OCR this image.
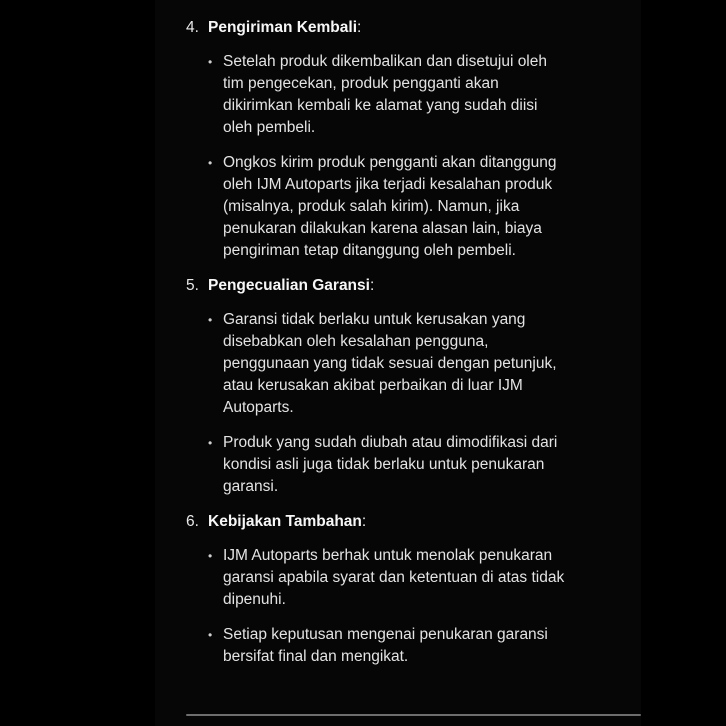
4. Pengiriman Kembali :
• Setelah produk dikembalikan dan disetujui oleh tim pengecekan, produk pengganti akan dikirimkan kembali ke alamat yang sudah diisi oleh pembeli.
• Ongkos kirim produk pengganti akan ditanggung oleh IJM Autoparts jika terjadi kesalahan produk (misalnya, produk salah kirim). Namun, jika penukaran dilakukan karena alasan lain, biaya pengiriman tetap ditanggung oleh pembeli.
5. Pengecualian Garansi :
• Garansi tidak berlaku untuk kerusakan yang disebabkan oleh kesalahan pengguna, penggunaan yang tidak sesuai dengan petunjuk, atau kerusakan akibat perbaikan di luar IJM Autoparts.
• Produk yang sudah diubah atau dimodifikasi dari kondisi asli juga tidak berlaku untuk penukaran garansi.
6. Kebijakan Tambahan :
• IJM Autoparts berhak untuk menolak penukaran garansi apabila syarat dan ketentuan di atas tidak dipenuhi.
• Setiap keputusan mengenai penukaran garansi bersifat final dan mengikat.
